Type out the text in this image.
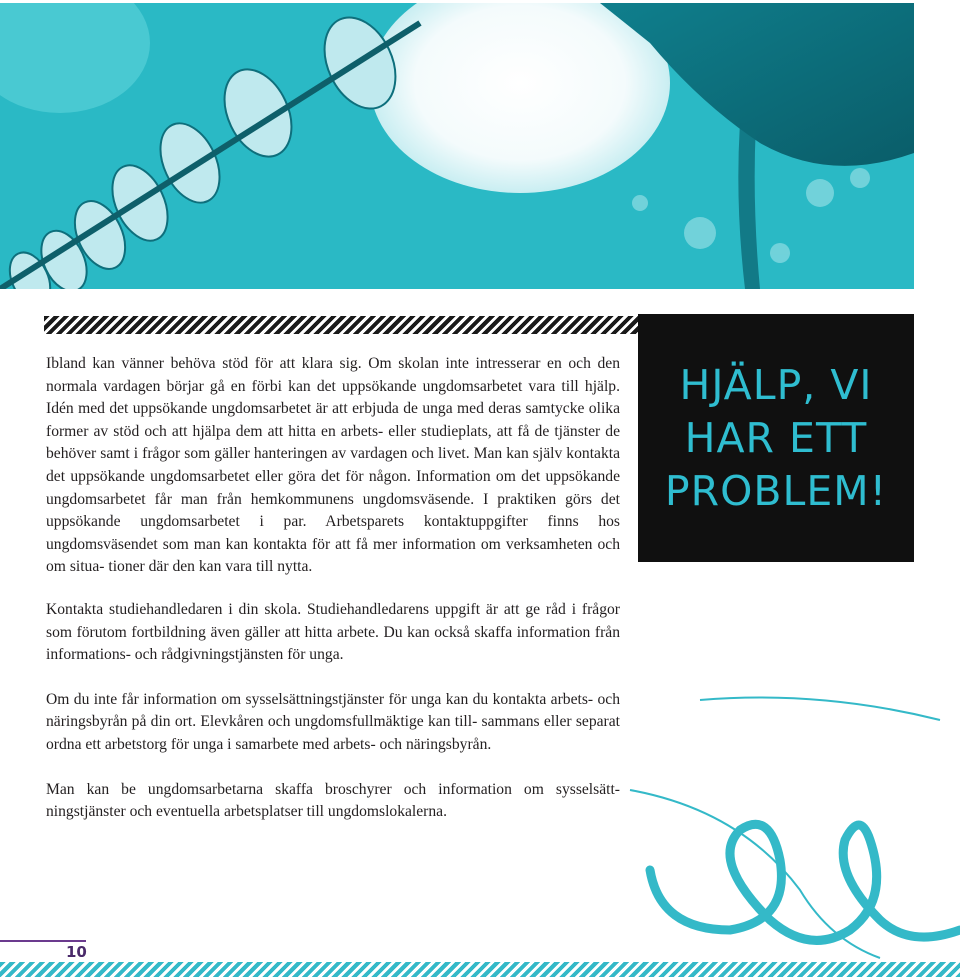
HJÄLP, VI HAR ETT PROBLEM!

Ibland kan vänner behöva stöd för att klara sig. Om skolan inte intresserar en och den normala vardagen börjar gå en förbi kan det uppsökande ungdomsarbetet vara till hjälp. Idén med det uppsökande ungdomsarbetet är att erbjuda de unga med deras samtycke olika former av stöd och att hjälpa dem att hitta en arbets- eller studieplats, att få de tjänster de behöver samt i frågor som gäller hanteringen av vardagen och livet. Man kan själv kontakta det uppsökande ungdomsarbetet eller göra det för någon. Information om det uppsökande ungdomsarbetet får man från hemkommunens ungdomsväsende. I praktiken görs det uppsökande ungdomsarbetet i par. Arbetsparets kontaktuppgifter finns hos ungdomsväsendet som man kan kontakta för att få mer information om verksamheten och om situa- tioner där den kan vara till nytta.

Kontakta studiehandledaren i din skola. Studiehandledarens uppgift är att ge råd i frågor som förutom fortbildning även gäller att hitta arbete. Du kan också skaffa information från informations- och rådgivningstjänsten för unga.

Om du inte får information om sysselsättningstjänster för unga kan du kontakta arbets- och näringsbyrån på din ort. Elevkåren och ungdomsfullmäktige kan till- sammans eller separat ordna ett arbetstorg för unga i samarbete med arbets- och näringsbyrån.

Man kan be ungdomsarbetarna skaffa broschyrer och information om sysselsätt- ningstjänster och eventuella arbetsplatser till ungdomslokalerna.

10
